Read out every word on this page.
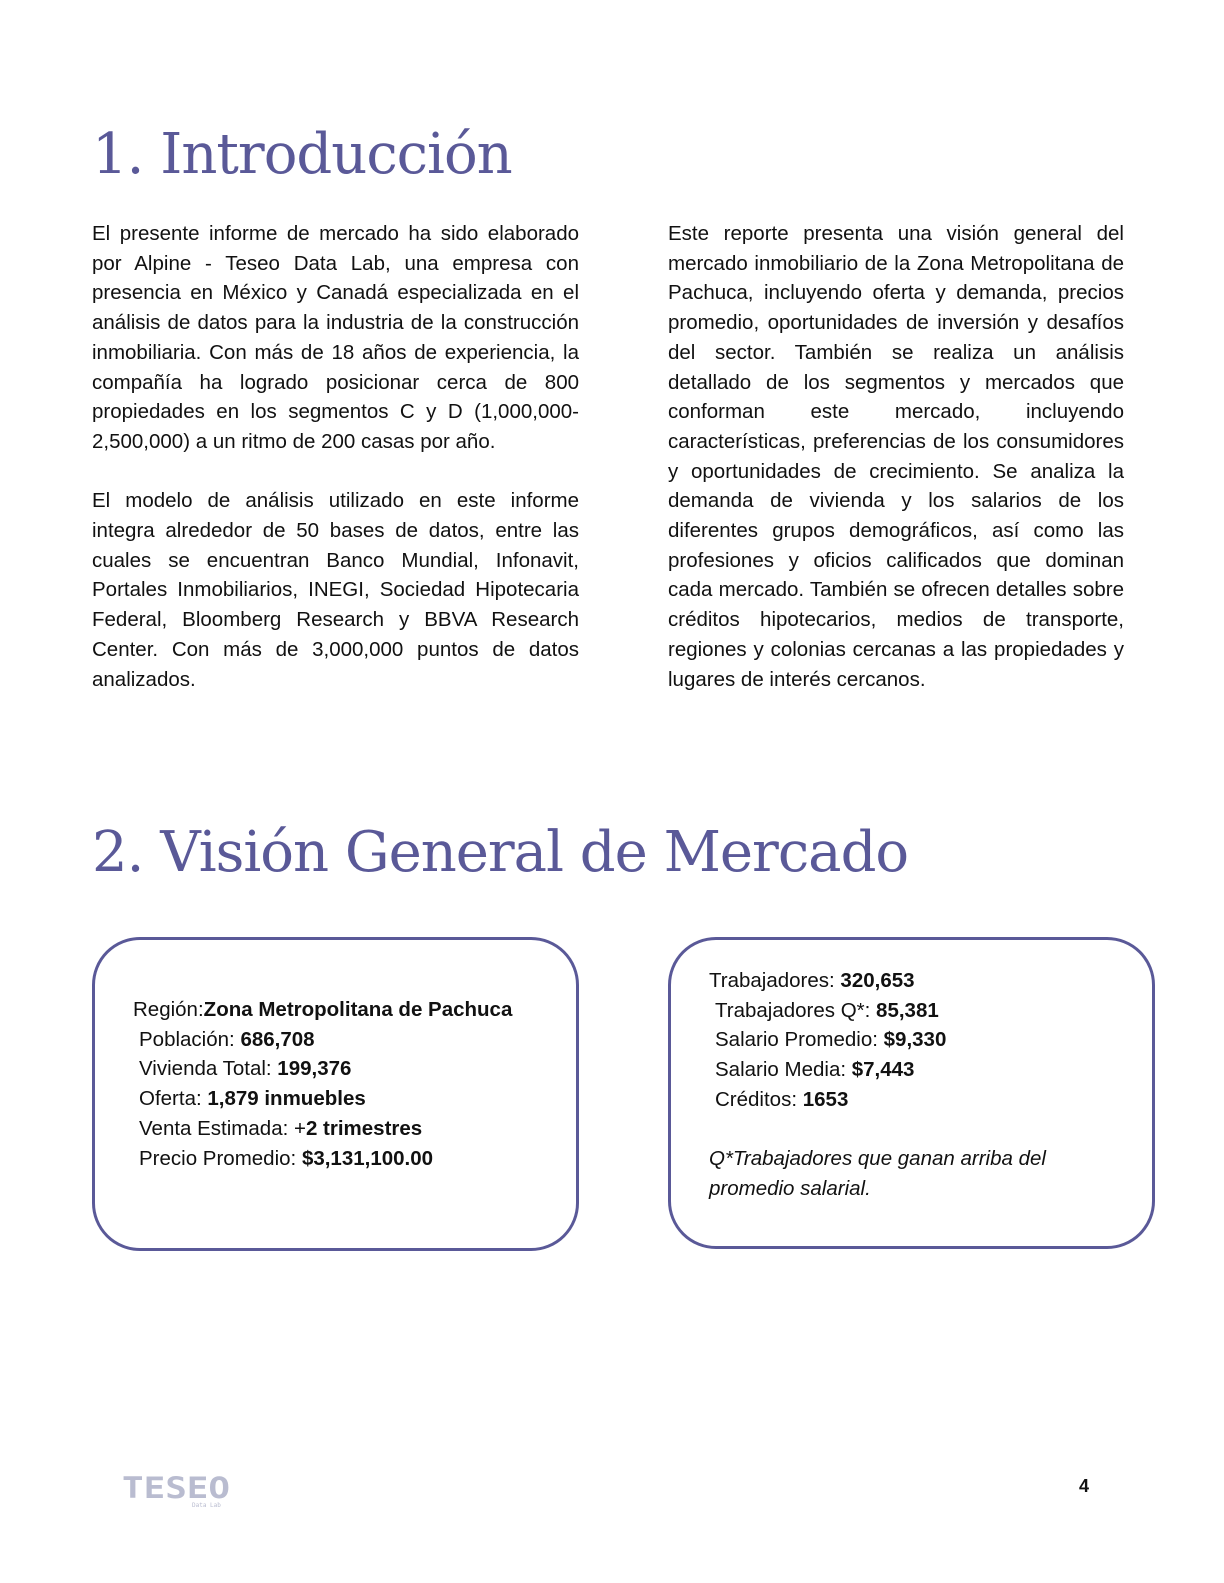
1. Introducción

El presente informe de mercado ha sido elaborado por Alpine - Teseo Data Lab, una empresa con presencia en México y Canadá especializada en el análisis de datos para la industria de la construcción inmobiliaria. Con más de 18 años de experiencia, la compañía ha logrado posicionar cerca de 800 propiedades en los segmentos C y D (1,000,000-2,500,000) a un ritmo de 200 casas por año.

El modelo de análisis utilizado en este informe integra alrededor de 50 bases de datos, entre las cuales se encuentran Banco Mundial, Infonavit, Portales Inmobiliarios, INEGI, Sociedad Hipotecaria Federal, Bloomberg Research y BBVA Research Center. Con más de 3,000,000 puntos de datos analizados.

Este reporte presenta una visión general del mercado inmobiliario de la Zona Metropolitana de Pachuca, incluyendo oferta y demanda, precios promedio, oportunidades de inversión y desafíos del sector. También se realiza un análisis detallado de los segmentos y mercados que conforman este mercado, incluyendo características, preferencias de los consumidores y oportunidades de crecimiento. Se analiza la demanda de vivienda y los salarios de los diferentes grupos demográficos, así como las profesiones y oficios calificados que dominan cada mercado. También se ofrecen detalles sobre créditos hipotecarios, medios de transporte, regiones y colonias cercanas a las propiedades y lugares de interés cercanos.

2. Visión General de Mercado
Región:Zona Metropolitana de Pachuca
Población: 686,708
Vivienda Total: 199,376
Oferta: 1,879 inmuebles
Venta Estimada: +2 trimestres
Precio Promedio: $3,131,100.00
Trabajadores: 320,653
Trabajadores Q*: 85,381
Salario Promedio: $9,330
Salario Media: $7,443
Créditos: 1653
Q*Trabajadores que ganan arriba del promedio salarial.
TESEO
Data Lab
4
